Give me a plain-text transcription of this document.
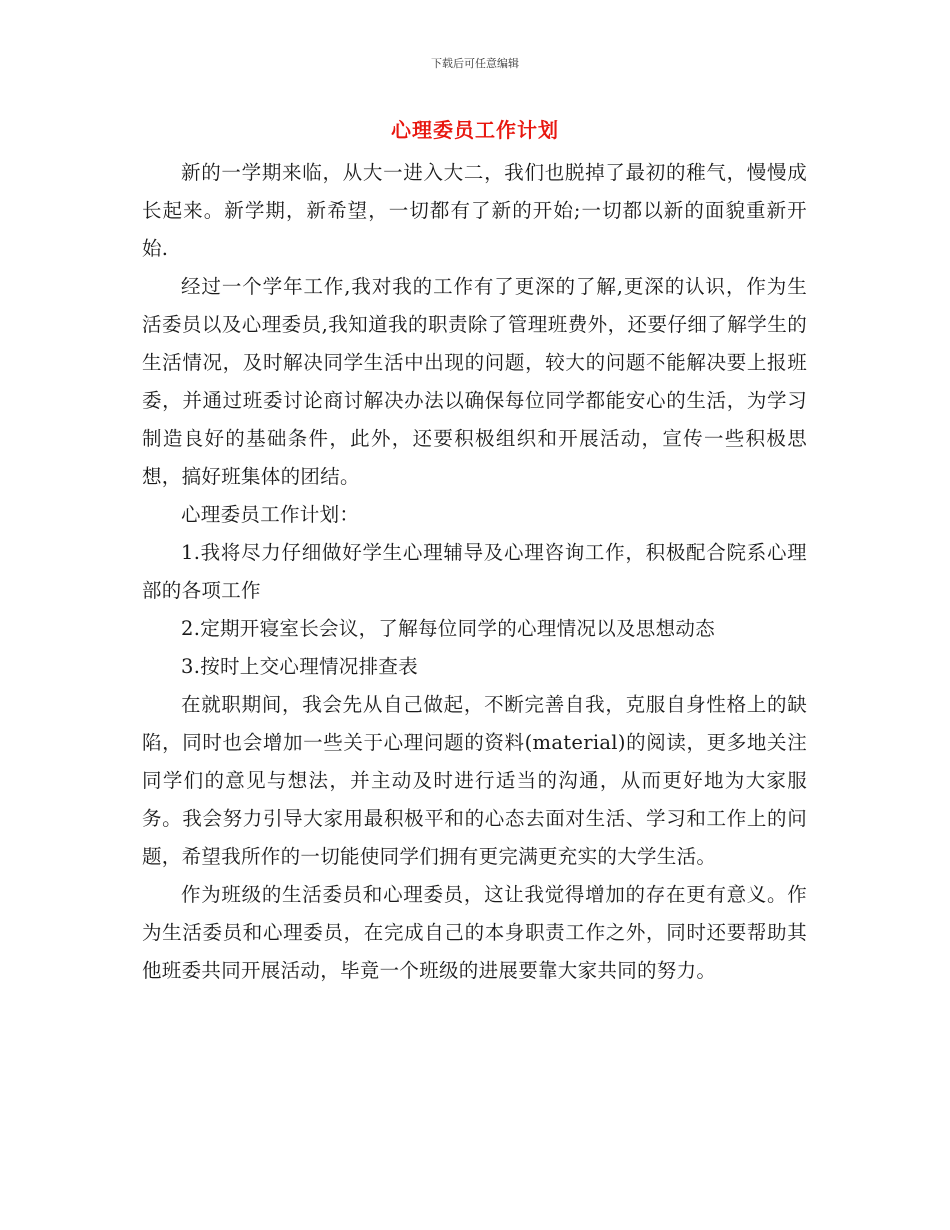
下载后可任意编辑
心理委员工作计划

新的一学期来临，从大一进入大二，我们也脱掉了最初的稚气，慢慢成长起来。新学期，新希望，一切都有了新的开始;一切都以新的面貌重新开始.

经过一个学年工作,我对我的工作有了更深的了解,更深的认识，作为生活委员以及心理委员,我知道我的职责除了管理班费外，还要仔细了解学生的生活情况，及时解决同学生活中出现的问题，较大的问题不能解决要上报班委，并通过班委讨论商讨解决办法以确保每位同学都能安心的生活，为学习制造良好的基础条件，此外，还要积极组织和开展活动，宣传一些积极思想，搞好班集体的团结。

心理委员工作计划：

1.我将尽力仔细做好学生心理辅导及心理咨询工作，积极配合院系心理部的各项工作

2.定期开寝室长会议，了解每位同学的心理情况以及思想动态

3.按时上交心理情况排查表

在就职期间，我会先从自己做起，不断完善自我，克服自身性格上的缺陷，同时也会增加一些关于心理问题的资料(material)的阅读，更多地关注同学们的意见与想法，并主动及时进行适当的沟通，从而更好地为大家服务。我会努力引导大家用最积极平和的心态去面对生活、学习和工作上的问题，希望我所作的一切能使同学们拥有更完满更充实的大学生活。

作为班级的生活委员和心理委员，这让我觉得增加的存在更有意义。作为生活委员和心理委员，在完成自己的本身职责工作之外，同时还要帮助其他班委共同开展活动，毕竟一个班级的进展要靠大家共同的努力。
